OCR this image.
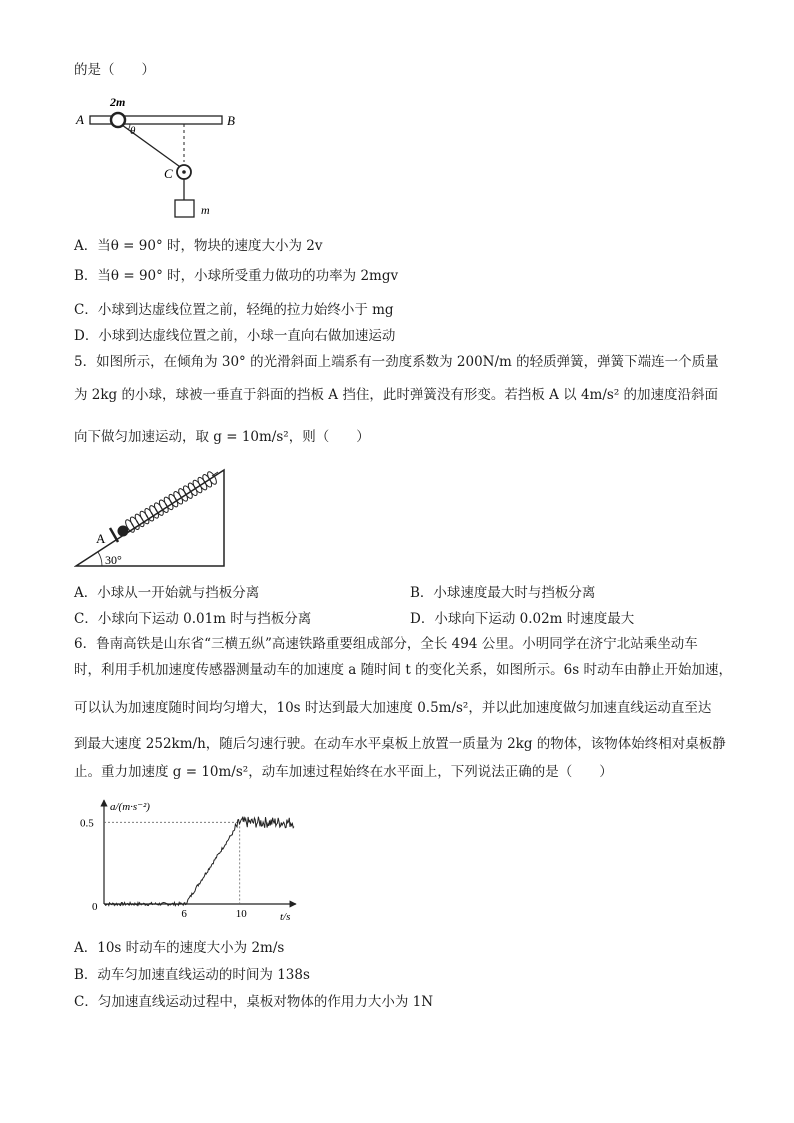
的是（　　）
A	B
2m
θ
C
m
A．当θ = 90° 时，物块的速度大小为 2v
B．当θ = 90° 时，小球所受重力做功的功率为 2mgv
C．小球到达虚线位置之前，轻绳的拉力始终小于 mg
D．小球到达虚线位置之前，小球一直向右做加速运动
5．如图所示，在倾角为 30° 的光滑斜面上端系有一劲度系数为 200N/m 的轻质弹簧，弹簧下端连一个质量
为 2kg 的小球，球被一垂直于斜面的挡板 A 挡住，此时弹簧没有形变。若挡板 A 以 4m/s² 的加速度沿斜面
向下做匀加速运动，取 g = 10m/s²，则（　　）
A
30°
A．小球从一开始就与挡板分离	B．小球速度最大时与挡板分离
C．小球向下运动 0.01m 时与挡板分离	D．小球向下运动 0.02m 时速度最大
6．鲁南高铁是山东省“三横五纵”高速铁路重要组成部分，全长 494 公里。小明同学在济宁北站乘坐动车
时，利用手机加速度传感器测量动车的加速度 a 随时间 t 的变化关系，如图所示。6s 时动车由静止开始加速，
可以认为加速度随时间均匀增大，10s 时达到最大加速度 0.5m/s²，并以此加速度做匀加速直线运动直至达
到最大速度 252km/h，随后匀速行驶。在动车水平桌板上放置一质量为 2kg 的物体，该物体始终相对桌板静
止。重力加速度 g = 10m/s²，动车加速过程始终在水平面上，下列说法正确的是（　　）
a/(m·s⁻²)
t/s
0.5
0
6	10
A．10s 时动车的速度大小为 2m/s
B．动车匀加速直线运动的时间为 138s
C．匀加速直线运动过程中，桌板对物体的作用力大小为 1N
